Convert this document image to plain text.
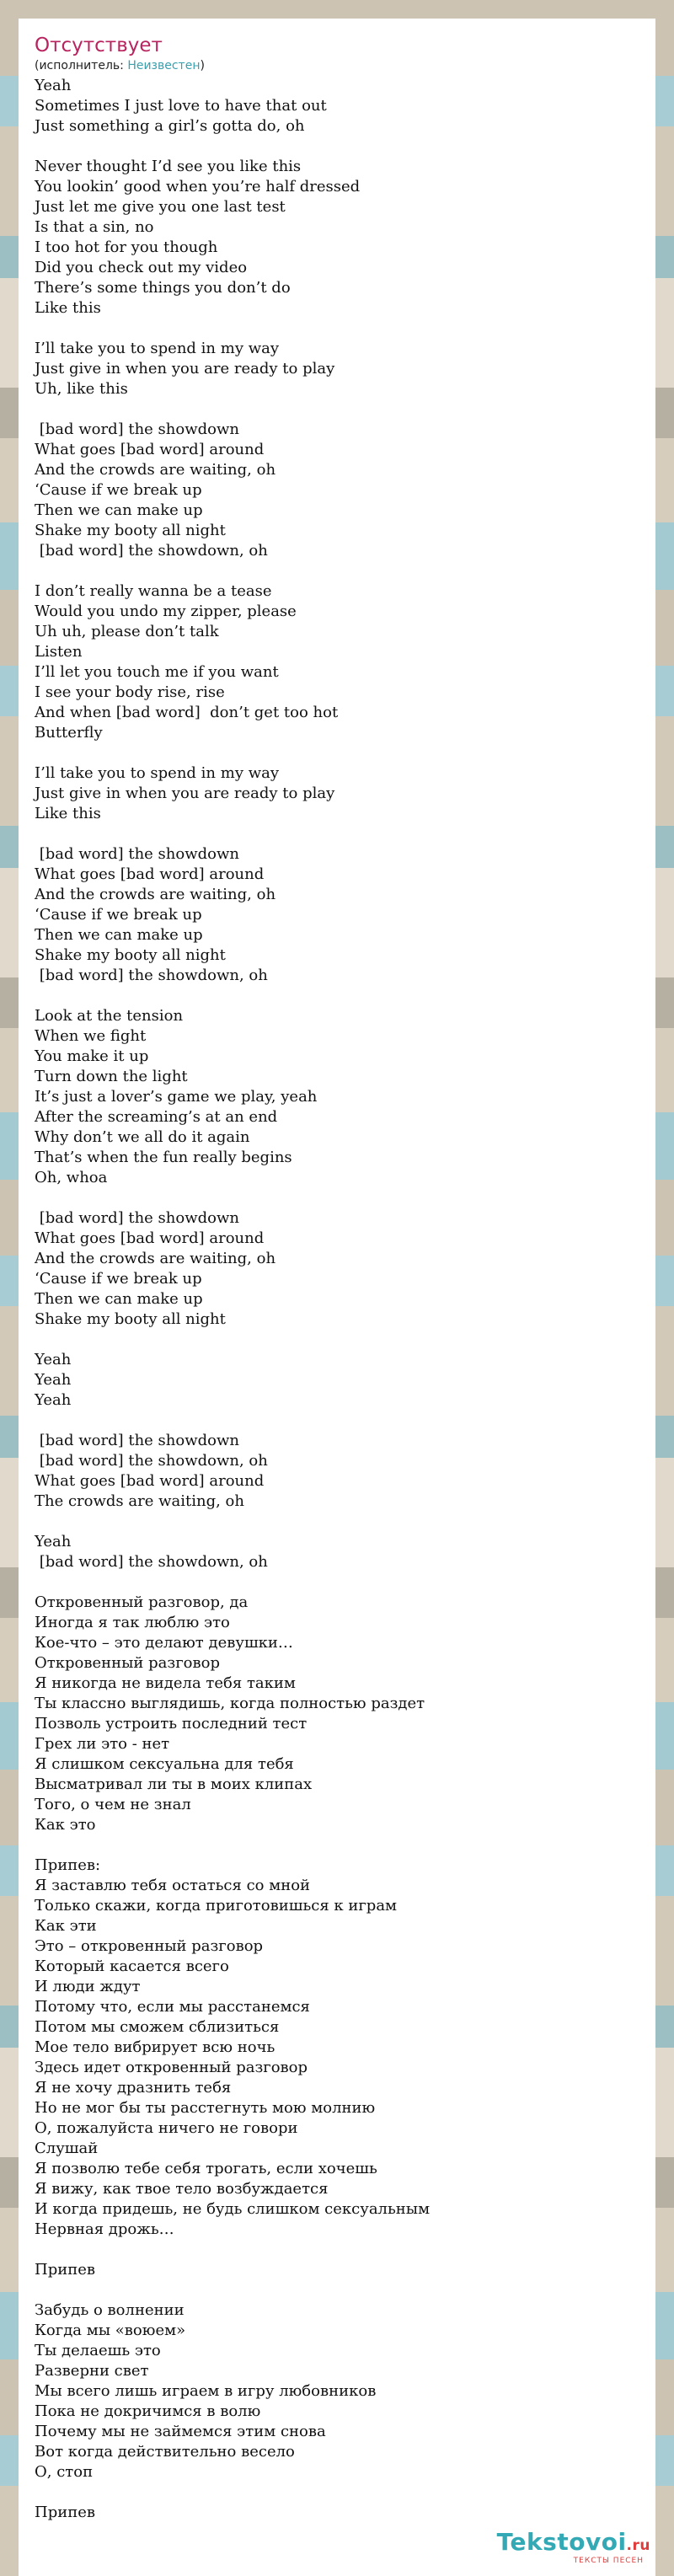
Отсутствует
(исполнитель: Неизвестен)
Yeah
Sometimes I just love to have that out
Just something a girl’s gotta do, oh
Never thought I’d see you like this
You lookin’ good when you’re half dressed
Just let me give you one last test
Is that a sin, no
I too hot for you though
Did you check out my video
There’s some things you don’t do
Like this
I’ll take you to spend in my way
Just give in when you are ready to play
Uh, like this
[bad word] the showdown
What goes [bad word] around
And the crowds are waiting, oh
‘Cause if we break up
Then we can make up
Shake my booty all night
[bad word] the showdown, oh
I don’t really wanna be a tease
Would you undo my zipper, please
Uh uh, please don’t talk
Listen
I’ll let you touch me if you want
I see your body rise, rise
And when [bad word]  don’t get too hot
Butterfly
I’ll take you to spend in my way
Just give in when you are ready to play
Like this
[bad word] the showdown
What goes [bad word] around
And the crowds are waiting, oh
‘Cause if we break up
Then we can make up
Shake my booty all night
[bad word] the showdown, oh
Look at the tension
When we fight
You make it up
Turn down the light
It’s just a lover’s game we play, yeah
After the screaming’s at an end
Why don’t we all do it again
That’s when the fun really begins
Oh, whoa
[bad word] the showdown
What goes [bad word] around
And the crowds are waiting, oh
‘Cause if we break up
Then we can make up
Shake my booty all night
Yeah
Yeah
Yeah
[bad word] the showdown
[bad word] the showdown, oh
What goes [bad word] around
The crowds are waiting, oh
Yeah
[bad word] the showdown, oh
Откровенный разговор, да
Иногда я так люблю это
Кое-что – это делают девушки…
Откровенный разговор
Я никогда не видела тебя таким
Ты классно выглядишь, когда полностью раздет
Позволь устроить последний тест
Грех ли это - нет
Я слишком сексуальна для тебя
Высматривал ли ты в моих клипах
Того, о чем не знал
Как это
Припев:
Я заставлю тебя остаться со мной
Только скажи, когда приготовишься к играм
Как эти
Это – откровенный разговор
Который касается всего
И люди ждут
Потому что, если мы расстанемся
Потом мы сможем сблизиться
Мое тело вибрирует всю ночь
Здесь идет откровенный разговор
Я не хочу дразнить тебя
Но не мог бы ты расстегнуть мою молнию
О, пожалуйста ничего не говори
Слушай
Я позволю тебе себя трогать, если хочешь
Я вижу, как твое тело возбуждается
И когда придешь, не будь слишком сексуальным
Нервная дрожь…
Припев
Забудь о волнении
Когда мы «воюем»
Ты делаешь это
Разверни свет
Мы всего лишь играем в игру любовников
Пока не докричимся в волю
Почему мы не займемся этим снова
Вот когда действительно весело
О, стоп
Припев
Tekstovoi.ru
ТЕКСТЫ ПЕСЕН
